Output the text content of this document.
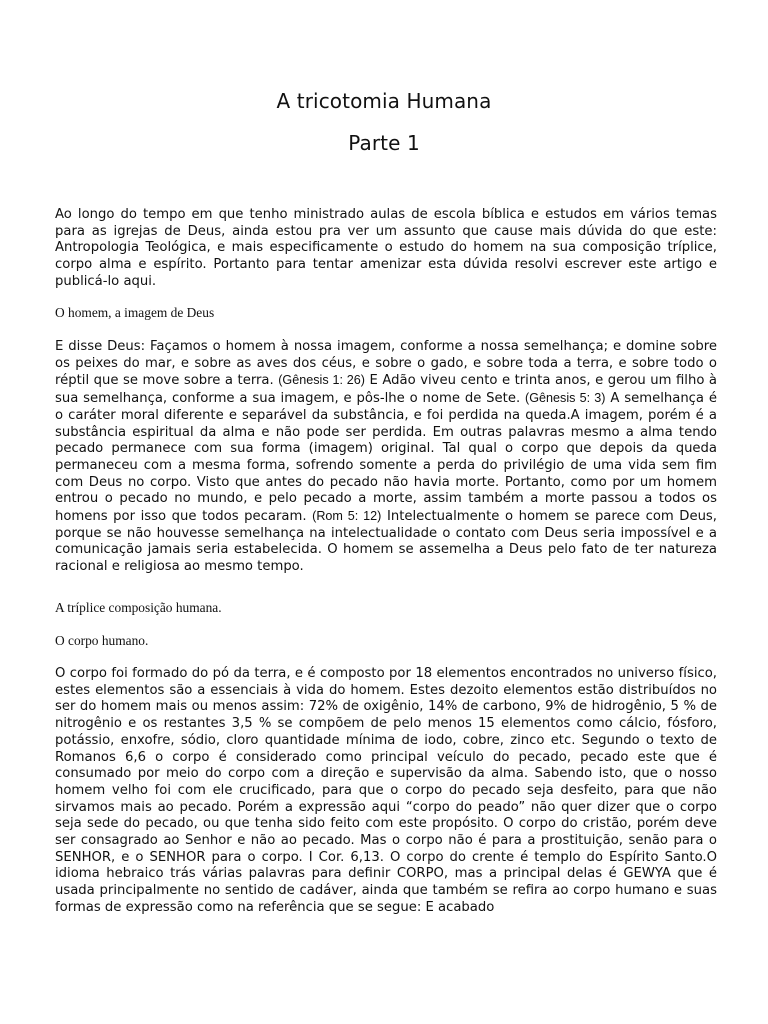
A tricotomia Humana
Parte 1

Ao longo do tempo em que tenho ministrado aulas de escola bíblica e estudos em vários temas para as igrejas de Deus, ainda estou pra ver um assunto que cause mais dúvida do que este: Antropologia Teológica, e mais especificamente o estudo do homem na sua composição tríplice, corpo alma e espírito. Portanto para tentar amenizar esta dúvida resolvi escrever este artigo e publicá-lo aqui.

O homem, a imagem de Deus

E disse Deus: Façamos o homem à nossa imagem, conforme a nossa semelhança; e domine sobre os peixes do mar, e sobre as aves dos céus, e sobre o gado, e sobre toda a terra, e sobre todo o réptil que se move sobre a terra. (Gênesis 1: 26) E Adão viveu cento e trinta anos, e gerou um filho à sua semelhança, conforme a sua imagem, e pôs-lhe o nome de Sete. (Gênesis 5: 3) A semelhança é o caráter moral diferente e separável da substância, e foi perdida na queda.A imagem, porém é a substância espiritual da alma e não pode ser perdida. Em outras palavras mesmo a alma tendo pecado permanece com sua forma (imagem) original. Tal qual o corpo que depois da queda permaneceu com a mesma forma, sofrendo somente a perda do privilégio de uma vida sem fim com Deus no corpo. Visto que antes do pecado não havia morte. Portanto, como por um homem entrou o pecado no mundo, e pelo pecado a morte, assim também a morte passou a todos os homens por isso que todos pecaram. (Rom 5: 12) Intelectualmente o homem se parece com Deus, porque se não houvesse semelhança na intelectualidade o contato com Deus seria impossível e a comunicação jamais seria estabelecida. O homem se assemelha a Deus pelo fato de ter natureza racional e religiosa ao mesmo tempo.

A tríplice composição humana.

O corpo humano.

O corpo foi formado do pó da terra, e é composto por 18 elementos encontrados no universo físico, estes elementos são a essenciais à vida do homem. Estes dezoito elementos estão distribuídos no ser do homem mais ou menos assim: 72% de oxigênio, 14% de carbono, 9% de hidrogênio, 5 % de nitrogênio e os restantes 3,5 % se compõem de pelo menos 15 elementos como cálcio, fósforo, potássio, enxofre, sódio, cloro quantidade mínima de iodo, cobre, zinco etc. Segundo o texto de Romanos 6,6 o corpo é considerado como principal veículo do pecado, pecado este que é consumado por meio do corpo com a direção e supervisão da alma. Sabendo isto, que o nosso homem velho foi com ele crucificado, para que o corpo do pecado seja desfeito, para que não sirvamos mais ao pecado. Porém a expressão aqui “corpo do peado” não quer dizer que o corpo seja sede do pecado, ou que tenha sido feito com este propósito. O corpo do cristão, porém deve ser consagrado ao Senhor e não ao pecado. Mas o corpo não é para a prostituição, senão para o SENHOR, e o SENHOR para o corpo. I Cor. 6,13. O corpo do crente é templo do Espírito Santo.O idioma hebraico trás várias palavras para definir CORPO, mas a principal delas é GEWYA que é usada principalmente no sentido de cadáver, ainda que também se refira ao corpo humano e suas formas de expressão como na referência que se segue: E acabado
